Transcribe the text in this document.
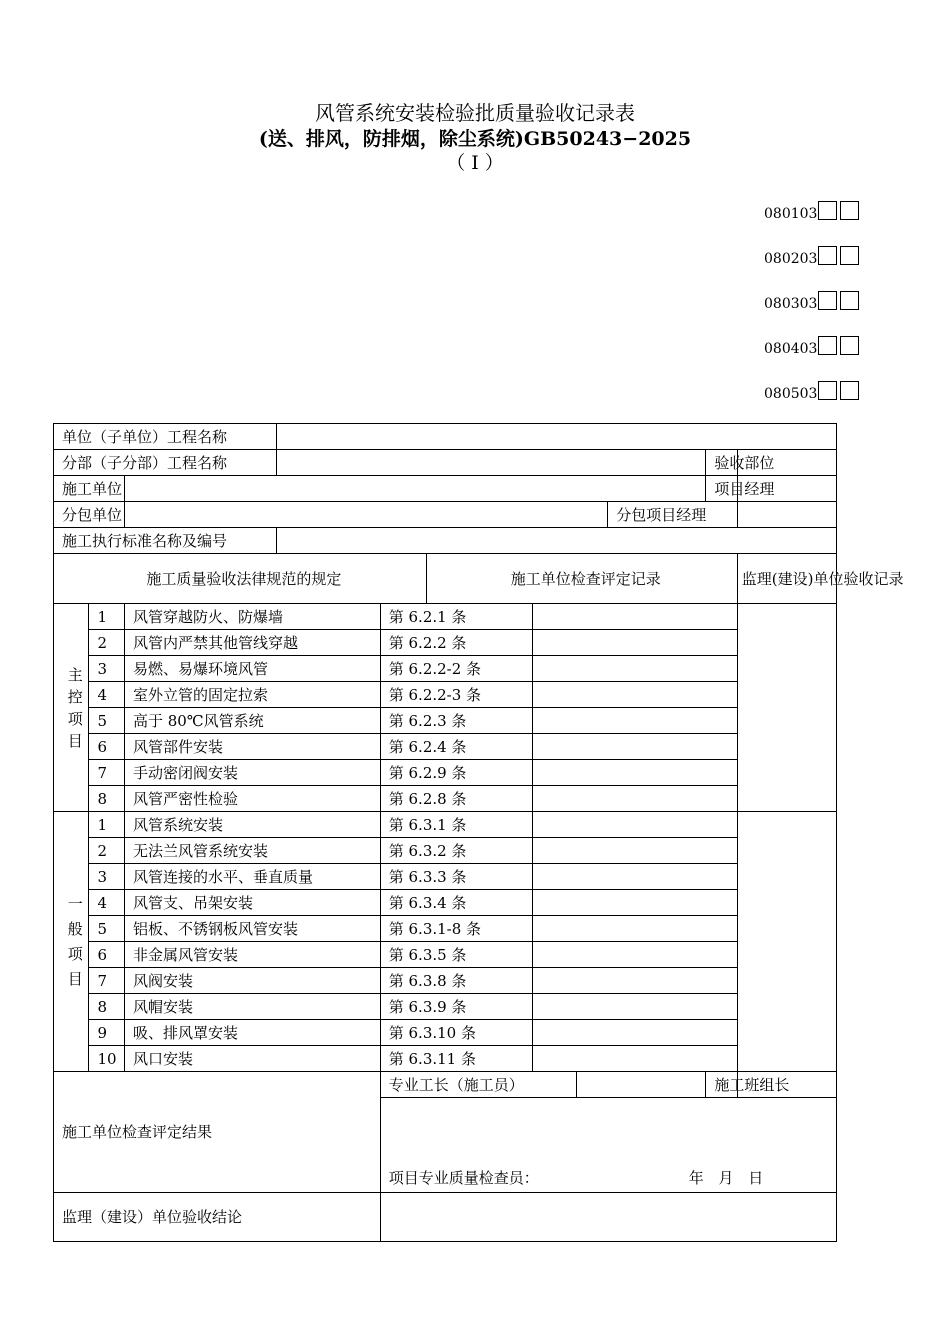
风管系统安装检验批质量验收记录表
(送、排风，防排烟，除尘系统)GB50243−2025
（ Ⅰ ）
080103
080203
080303
080403
080503
单位（子单位）工程名称										
分部（子分部）工程名称									验收部位	
施工单位									项目经理	
分包单位								分包项目经理		
施工执行标准名称及编号										
施工质量验收法律规范的规定					施工单位检查评定记录					监理(建设)单位验收记录
主控项目	1	风管穿越防火、防爆墙		第 6.2.1 条						
	2	风管内严禁其他管线穿越		第 6.2.2 条						
	3	易燃、易爆环境风管		第 6.2.2-2 条						
	4	室外立管的固定拉索		第 6.2.2-3 条						
	5	高于 80℃风管系统		第 6.2.3 条						
	6	风管部件安装		第 6.2.4 条						
	7	手动密闭阀安装		第 6.2.9 条						
	8	风管严密性检验		第 6.2.8 条						
一般项目	1	风管系统安装		第 6.3.1 条						
	2	无法兰风管系统安装		第 6.3.2 条						
	3	风管连接的水平、垂直质量		第 6.3.3 条						
	4	风管支、吊架安装		第 6.3.4 条						
	5	铝板、不锈钢板风管安装		第 6.3.1-8 条						
	6	非金属风管安装		第 6.3.5 条						
	7	风阀安装		第 6.3.8 条						
	8	风帽安装		第 6.3.9 条						
	9	吸、排风罩安装		第 6.3.10 条						
	10	风口安装		第 6.3.11 条						
施工单位检查评定结果				专业工长（施工员）					施工班组长	

				项目专业质量检查员： 年 月 日						

监理（建设）单位验收结论										
